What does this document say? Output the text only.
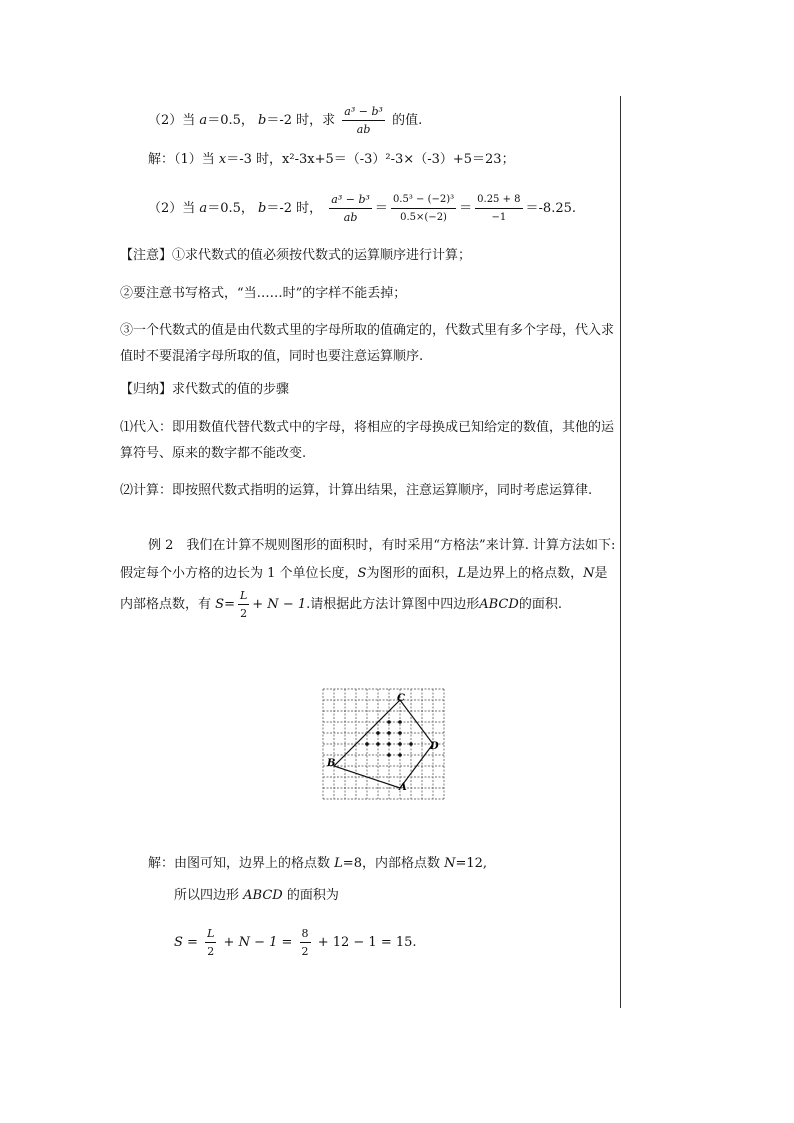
（2）当 a＝0.5， b＝-2 时，求 $\frac{\text{a³ − b³}}{ab}$ 的值.
解：（1）当 x＝-3 时，x²-3x+5＝（-3）²-3×（-3）+5＝23；
（2）当 a＝0.5， b＝-2 时， $\frac{\text{a³ − b³}}{ab} = \frac{\text{0.5³ − (−2)³}}{0.5\times(-2)} = \frac{0.25 + 8}{-1} =-8.25$.
【注意】①求代数式的值必须按代数式的运算顺序进行计算；
②要注意书写格式，“当……时”的字样不能丢掉；
③一个代数式的值是由代数式里的字母所取的值确定的，代数式里有多个字母，代入求值时不要混淆字母所取的值，同时也要注意运算顺序.
【归纳】求代数式的值的步骤
⑴代入：即用数值代替代数式中的字母，将相应的字母换成已知给定的数值，其他的运算符号、原来的数字都不能改变.
⑵计算：即按照代数式指明的运算，计算出结果，注意运算顺序，同时考虑运算律.
例 2　我们在计算不规则图形的面积时，有时采用“方格法”来计算. 计算方法如下: 假定每个小方格的边长为 1 个单位长度，S为图形的面积，L是边界上的格点数，N是内部格点数，有 $S= \frac{L}{2} + N - 1$.请根据此方法计算图中四边形ABCD的面积.
C
D
B
A
解：由图可知，边界上的格点数 L=8，内部格点数 N=12,
所以四边形 ABCD 的面积为
$S = \frac{L}{2} + N - 1 = \frac{8}{2} + 12 - 1 = 15$.
